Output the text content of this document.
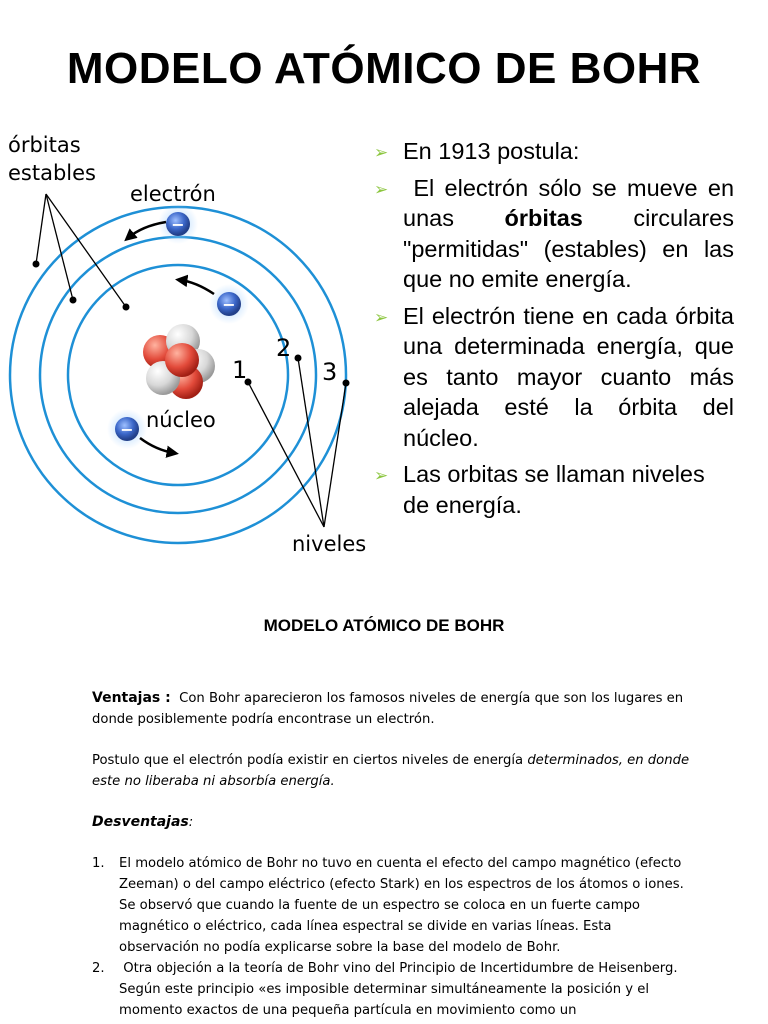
MODELO ATÓMICO DE BOHR
−
−
−
órbitas
estables
electrón
núcleo
niveles
1
2
3
➢ En 1913 postula:
➢ El electrón sólo se mueve en unas órbitas circulares "permitidas" (estables) en las que no emite energía.
➢ El electrón tiene en cada órbita una determinada energía, que es tanto mayor cuanto más alejada esté la órbita del núcleo.
➢ Las orbitas se llaman niveles de energía.
MODELO ATÓMICO DE BOHR

Ventajas : Con Bohr aparecieron los famosos niveles de energía que son los lugares en donde posiblemente podría encontrase un electrón.

Postulo que el electrón podía existir en ciertos niveles de energía determinados, en donde este no liberaba ni absorbía energía.

Desventajas:

1. El modelo atómico de Bohr no tuvo en cuenta el efecto del campo magnético (efecto Zeeman) o del campo eléctrico (efecto Stark) en los espectros de los átomos o iones. Se observó que cuando la fuente de un espectro se coloca en un fuerte campo magnético o eléctrico, cada línea espectral se divide en varias líneas. Esta observación no podía explicarse sobre la base del modelo de Bohr.
2. Otra objeción a la teoría de Bohr vino del Principio de Incertidumbre de Heisenberg.  Según este principio «es imposible determinar simultáneamente la posición y el momento exactos de una pequeña partícula en movimiento como un
